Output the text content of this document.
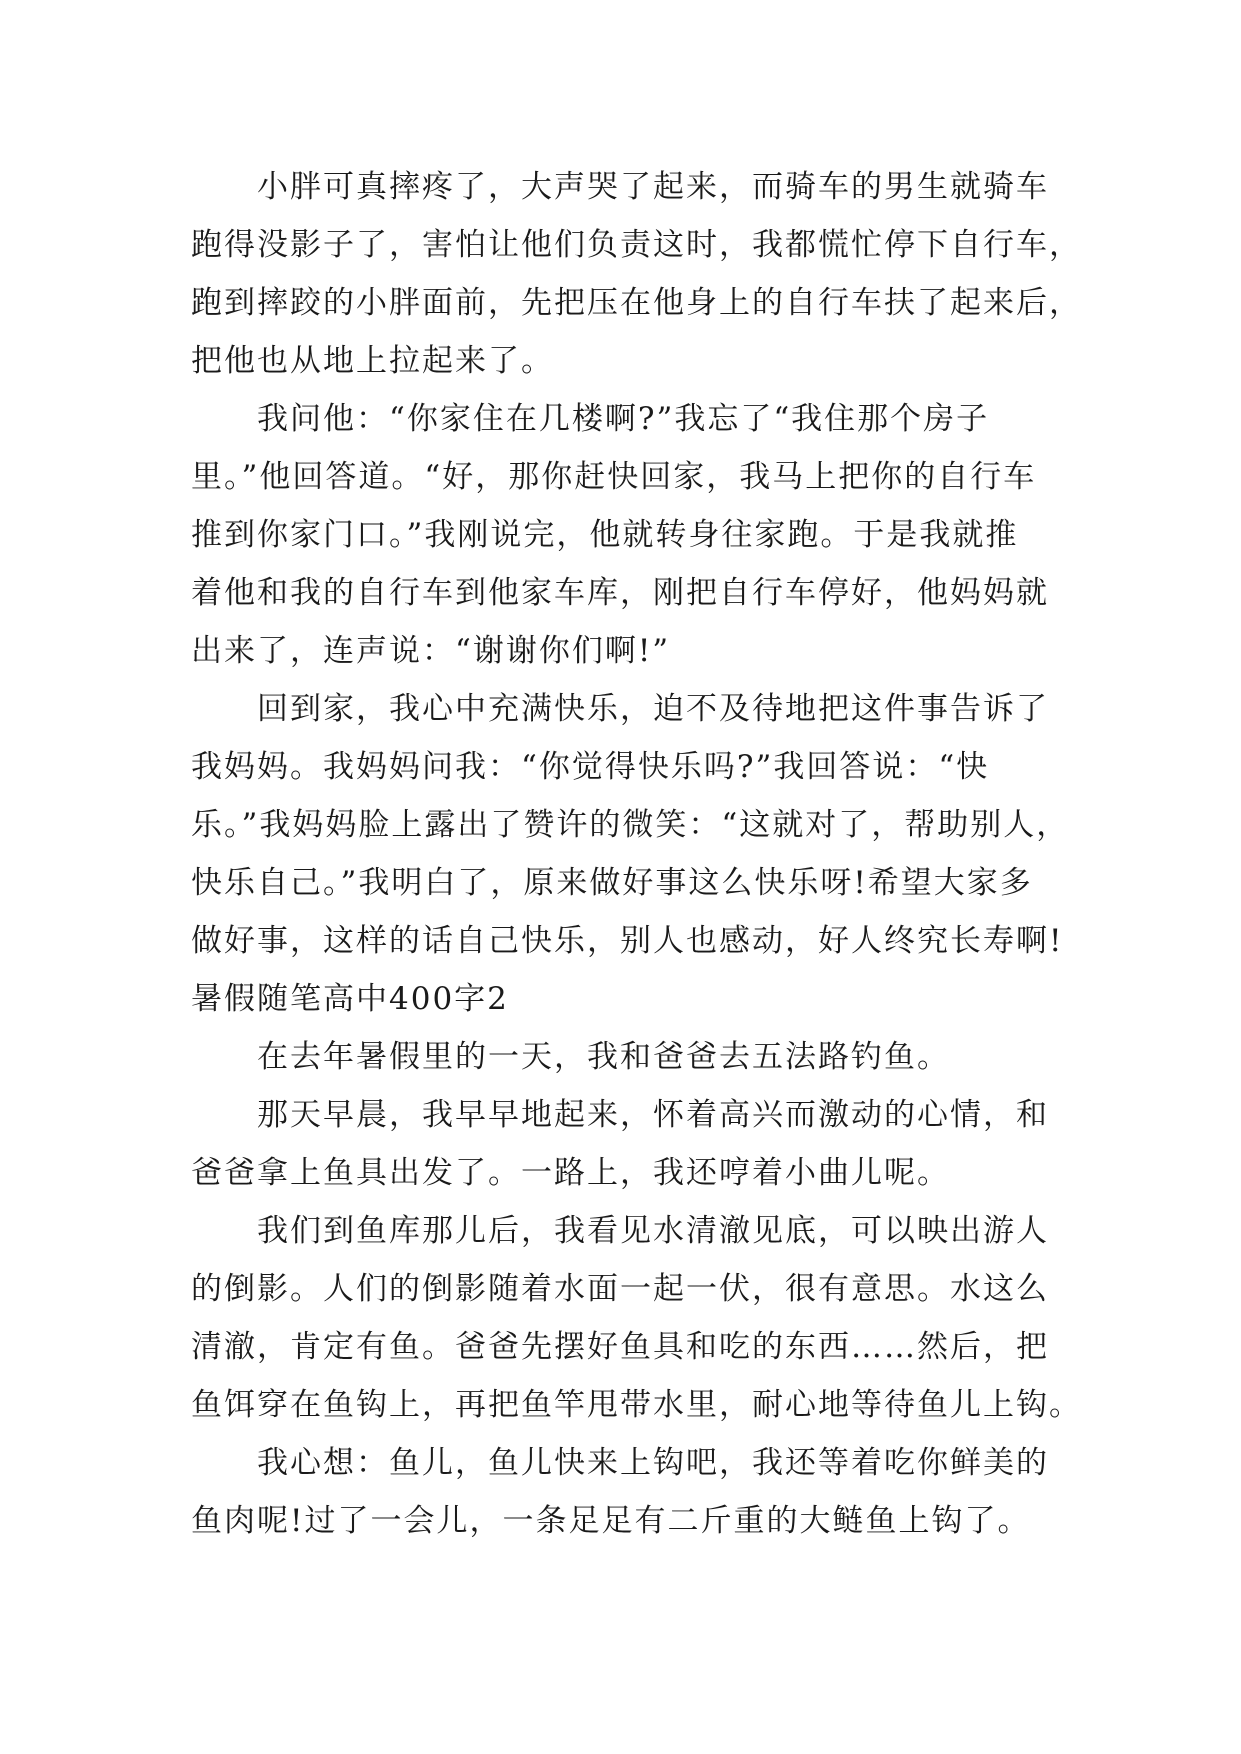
小胖可真摔疼了，大声哭了起来，而骑车的男生就骑车
跑得没影子了，害怕让他们负责这时，我都慌忙停下自行车，
跑到摔跤的小胖面前，先把压在他身上的自行车扶了起来后，
把他也从地上拉起来了。
我问他：“你家住在几楼啊?”我忘了“我住那个房子
里。”他回答道。“好，那你赶快回家，我马上把你的自行车
推到你家门口。”我刚说完，他就转身往家跑。于是我就推
着他和我的自行车到他家车库，刚把自行车停好，他妈妈就
出来了，连声说：“谢谢你们啊!”
回到家，我心中充满快乐，迫不及待地把这件事告诉了
我妈妈。我妈妈问我：“你觉得快乐吗?”我回答说：“快
乐。”我妈妈脸上露出了赞许的微笑：“这就对了，帮助别人，
快乐自己。”我明白了，原来做好事这么快乐呀!希望大家多
做好事，这样的话自己快乐，别人也感动，好人终究长寿啊!
暑假随笔高中400字2
在去年暑假里的一天，我和爸爸去五法路钓鱼。
那天早晨，我早早地起来，怀着高兴而激动的心情，和
爸爸拿上鱼具出发了。一路上，我还哼着小曲儿呢。
我们到鱼库那儿后，我看见水清澈见底，可以映出游人
的倒影。人们的倒影随着水面一起一伏，很有意思。水这么
清澈，肯定有鱼。爸爸先摆好鱼具和吃的东西……然后，把
鱼饵穿在鱼钩上，再把鱼竿甩带水里，耐心地等待鱼儿上钩。
我心想：鱼儿，鱼儿快来上钩吧，我还等着吃你鲜美的
鱼肉呢!过了一会儿，一条足足有二斤重的大鲢鱼上钩了。
